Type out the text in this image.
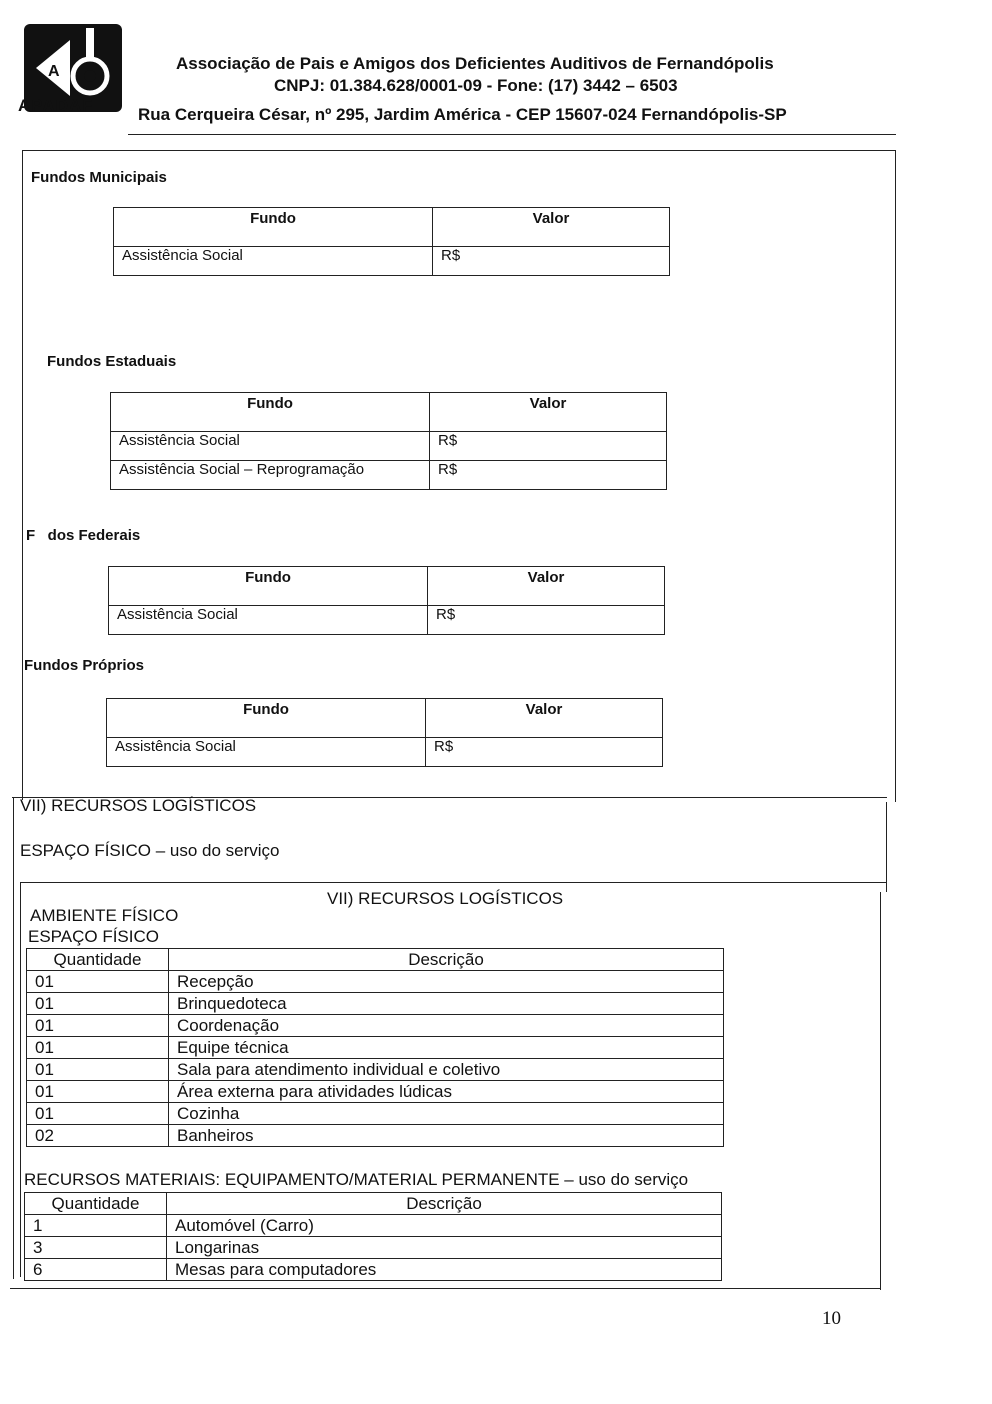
A
APADAF
Associação de Pais e Amigos dos Deficientes Auditivos de Fernandópolis
CNPJ: 01.384.628/0001-09 - Fone: (17) 3442 – 6503
Rua Cerqueira César, nº 295, Jardim América - CEP 15607-024 Fernandópolis-SP
Fundos Municipais
Fundo	Valor
Assistência Social	R$
Fundos Estaduais
Fundo	Valor
Assistência Social	R$
Assistência Social – Reprogramação	R$
F   dos Federais
Fundo	Valor
Assistência Social	R$
Fundos Próprios
Fundo	Valor
Assistência Social	R$
VII) RECURSOS LOGÍSTICOS
ESPAÇO FÍSICO – uso do serviço
VII) RECURSOS LOGÍSTICOS
AMBIENTE FÍSICO
ESPAÇO FÍSICO
Quantidade	Descrição
01	Recepção
01	Brinquedoteca
01	Coordenação
01	Equipe técnica
01	Sala para atendimento individual e coletivo
01	Área externa para atividades lúdicas
01	Cozinha
02	Banheiros
RECURSOS MATERIAIS: EQUIPAMENTO/MATERIAL PERMANENTE – uso do serviço
Quantidade	Descrição
1	Automóvel (Carro)
3	Longarinas
6	Mesas para computadores
10
